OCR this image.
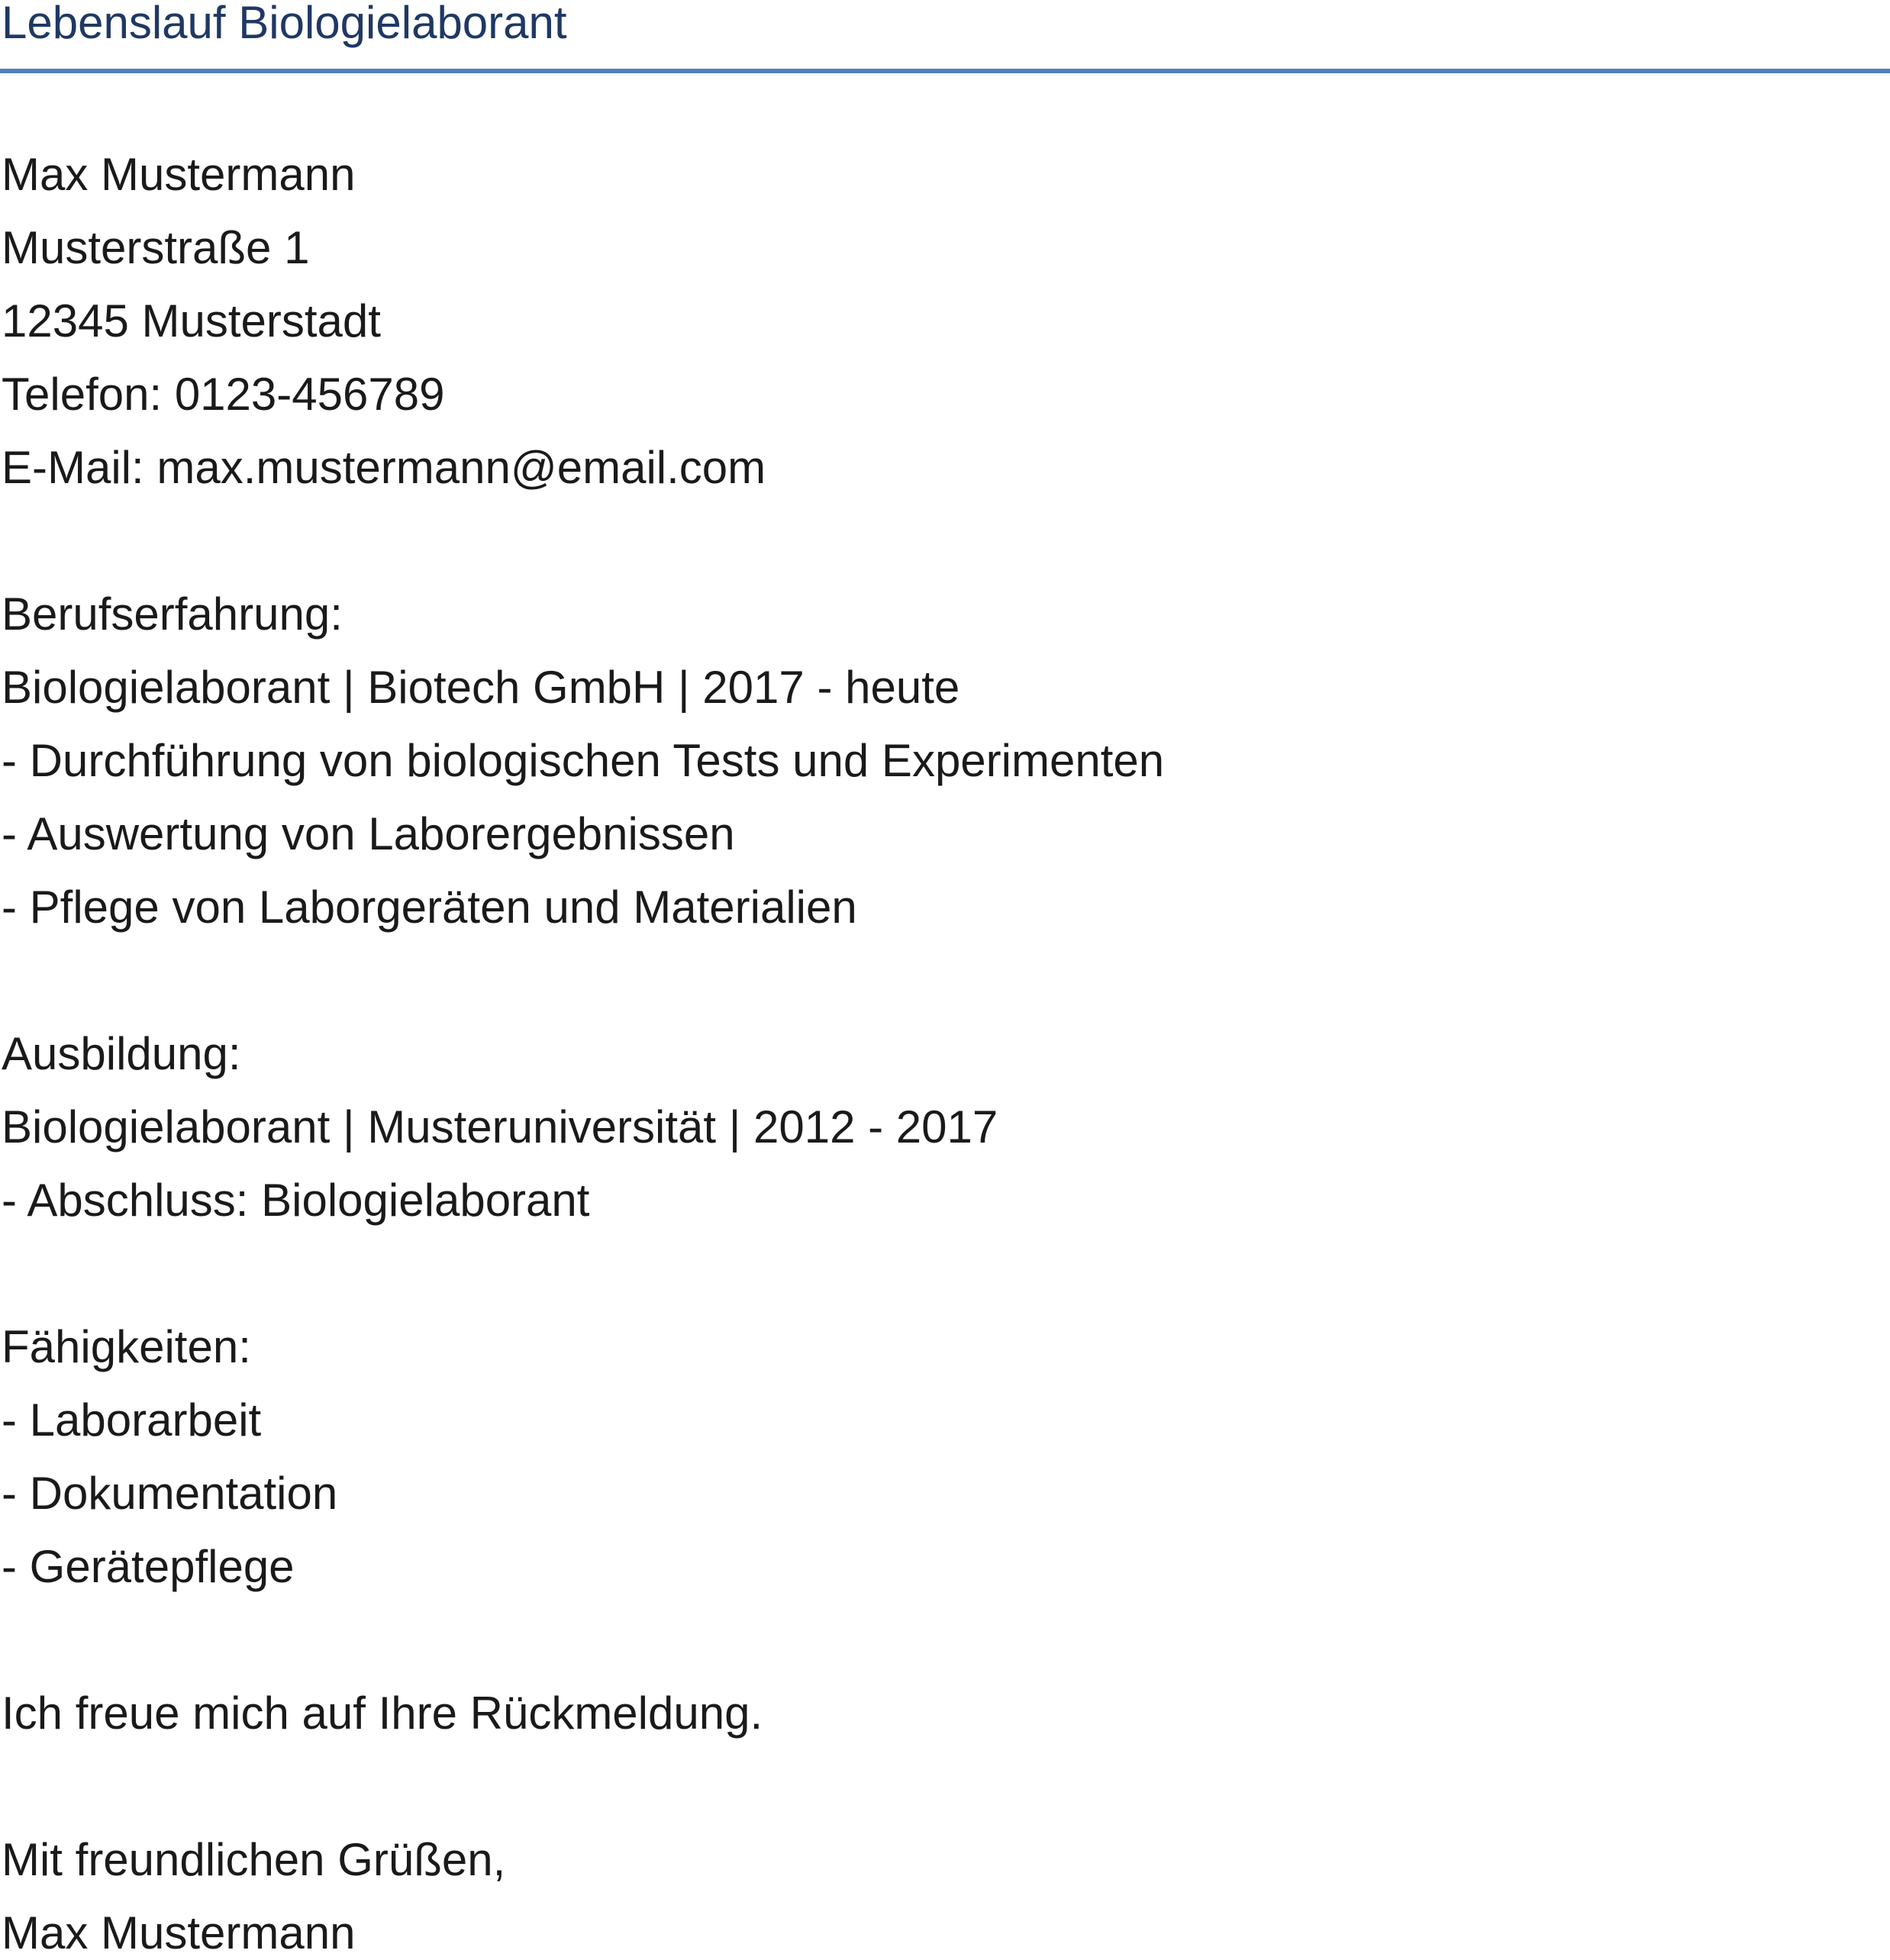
Lebenslauf Biologielaborant
Max Mustermann
Musterstraße 1
12345 Musterstadt
Telefon: 0123-456789
E-Mail: max.mustermann@email.com
Berufserfahrung:
Biologielaborant | Biotech GmbH | 2017 - heute
- Durchführung von biologischen Tests und Experimenten
- Auswertung von Laborergebnissen
- Pflege von Laborgeräten und Materialien
Ausbildung:
Biologielaborant | Musteruniversität | 2012 - 2017
- Abschluss: Biologielaborant
Fähigkeiten:
- Laborarbeit
- Dokumentation
- Gerätepflege
Ich freue mich auf Ihre Rückmeldung.
Mit freundlichen Grüßen,
Max Mustermann
